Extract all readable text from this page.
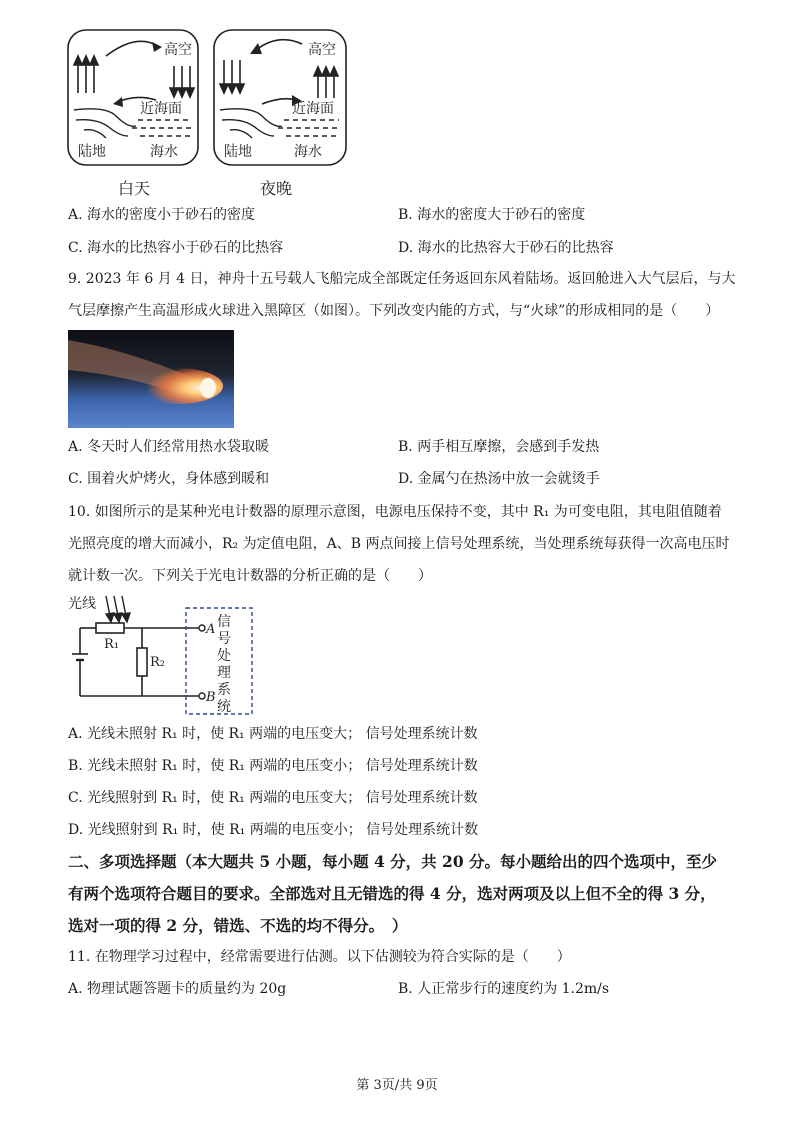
高空
近海面
陆地	海水
高空
近海面
陆地	海水
白天	夜晚
A. 海水的密度小于砂石的密度	B. 海水的密度大于砂石的密度
C. 海水的比热容小于砂石的比热容	D. 海水的比热容大于砂石的比热容
9. 2023 年 6 月 4 日，神舟十五号载人飞船完成全部既定任务返回东风着陆场。返回舱进入大气层后，与大
气层摩擦产生高温形成火球进入黑障区（如图）。下列改变内能的方式，与“火球”的形成相同的是（　　）
A. 冬天时人们经常用热水袋取暖	B. 两手相互摩擦，会感到手发热
C. 围着火炉烤火，身体感到暖和	D. 金属勺在热汤中放一会就烫手
10. 如图所示的是某种光电计数器的原理示意图，电源电压保持不变，其中 R₁ 为可变电阻，其电阻值随着
光照亮度的增大而减小，R₂ 为定值电阻，A、B 两点间接上信号处理系统，当处理系统每获得一次高电压时
就计数一次。下列关于光电计数器的分析正确的是（　　）
光线
R₁
R₂
A
B
信
号
处
理
系
统
A. 光线未照射 R₁ 时，使 R₁ 两端的电压变大； 信号处理系统计数
B. 光线未照射 R₁ 时，使 R₁ 两端的电压变小； 信号处理系统计数
C. 光线照射到 R₁ 时，使 R₁ 两端的电压变大； 信号处理系统计数
D. 光线照射到 R₁ 时，使 R₁ 两端的电压变小； 信号处理系统计数
二、多项选择题（本大题共 5 小题，每小题 4 分，共 20 分。每小题给出的四个选项中，至少
有两个选项符合题目的要求。全部选对且无错选的得 4 分，选对两项及以上但不全的得 3 分，
选对一项的得 2 分，错选、不选的均不得分。　）
11. 在物理学习过程中，经常需要进行估测。以下估测较为符合实际的是（　　）
A. 物理试题答题卡的质量约为 20g	B. 人正常步行的速度约为 1.2m/s
第 3页/共 9页
